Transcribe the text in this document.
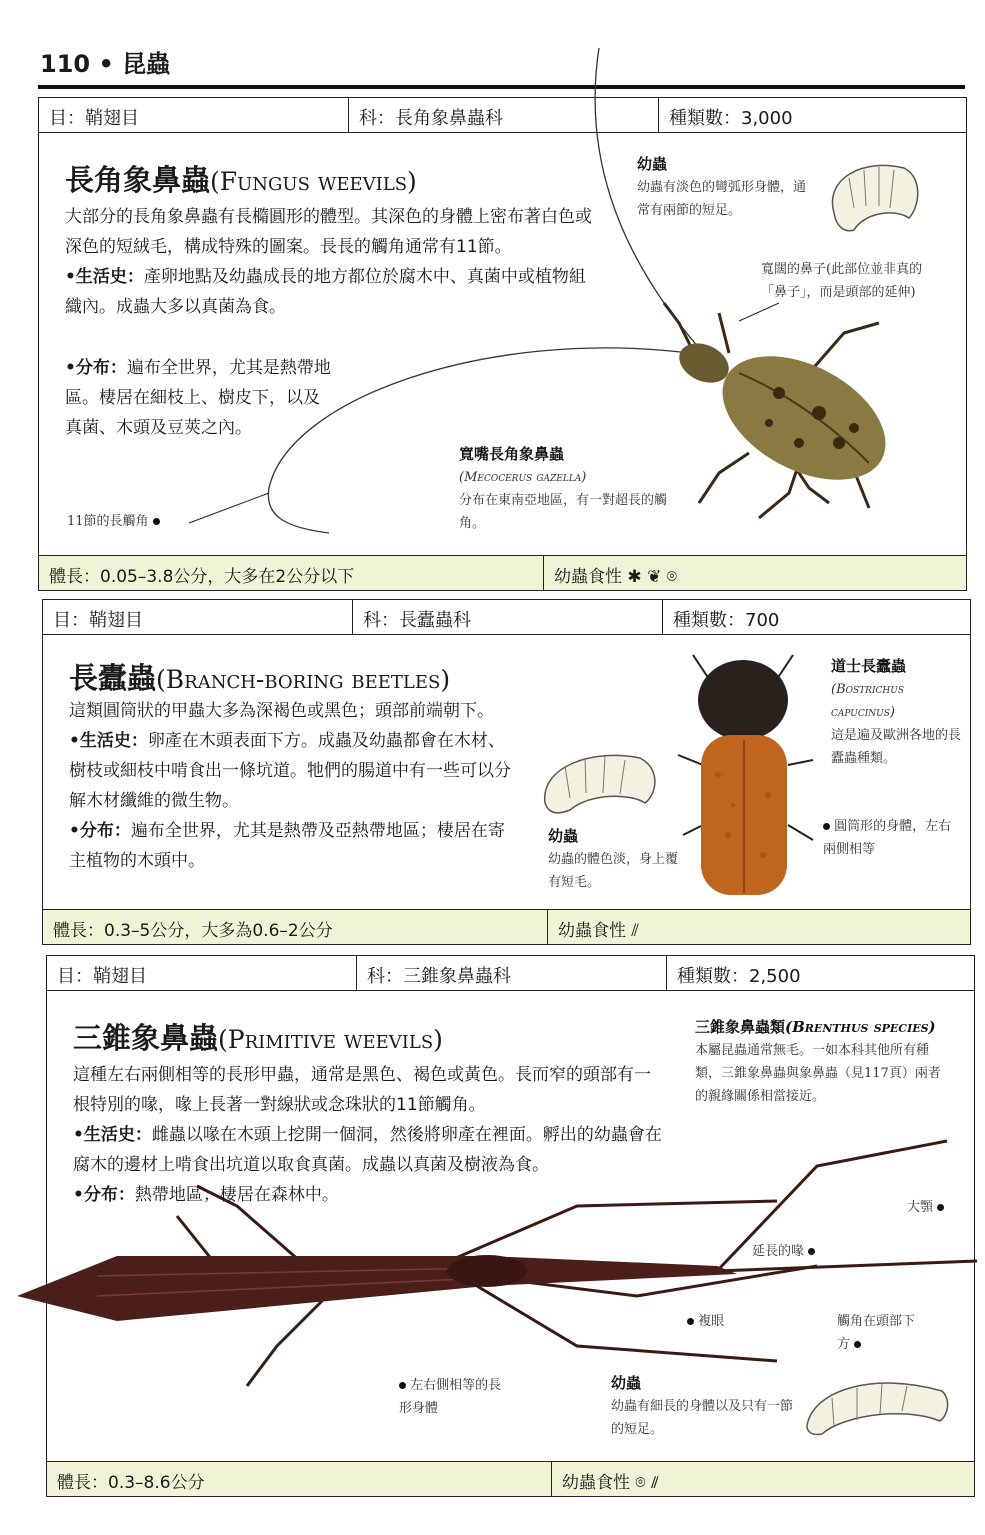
110 • 昆蟲
目：鞘翅目	科：長角象鼻蟲科	種類數：3,000
長角象鼻蟲(Fungus weevils)

大部分的長角象鼻蟲有長橢圓形的體型。其深色的身體上密布著白色或深色的短絨毛，構成特殊的圖案。長長的觸角通常有11節。

•生活史：產卵地點及幼蟲成長的地方都位於腐木中、真菌中或植物組織內。成蟲大多以真菌為食。

•分布：遍布全世界，尤其是熱帶地區。棲居在細枝上、樹皮下，以及真菌、木頭及豆莢之內。

幼蟲
幼蟲有淡色的彎弧形身體，通常有兩節的短足。
寬闊的鼻子(此部位並非真的「鼻子」，而是頭部的延伸)
寬嘴長角象鼻蟲
(Mecocerus gazella)
分布在東南亞地區，有一對超長的觸角。
11節的長觸角
體長：0.05–3.8公分，大多在2公分以下	幼蟲食性 ✱ ❦ ⌾
目：鞘翅目	科：長蠹蟲科	種類數：700
長蠹蟲(Branch-boring beetles)

這類圓筒狀的甲蟲大多為深褐色或黑色；頭部前端朝下。

•生活史：卵產在木頭表面下方。成蟲及幼蟲都會在木材、樹枝或細枝中啃食出一條坑道。牠們的腸道中有一些可以分解木材纖維的微生物。

•分布：遍布全世界，尤其是熱帶及亞熱帶地區；棲居在寄主植物的木頭中。

道士長蠹蟲
(Bostrichus capucinus)
這是遍及歐洲各地的長蠹蟲種類。
圓筒形的身體，左右兩側相等
幼蟲
幼蟲的體色淡，身上覆有短毛。
體長：0.3–5公分，大多為0.6–2公分	幼蟲食性 ⫽
目：鞘翅目	科：三錐象鼻蟲科	種類數：2,500
三錐象鼻蟲(Primitive weevils)

這種左右兩側相等的長形甲蟲，通常是黑色、褐色或黃色。長而窄的頭部有一根特別的喙，喙上長著一對線狀或念珠狀的11節觸角。

•生活史：雌蟲以喙在木頭上挖開一個洞，然後將卵產在裡面。孵出的幼蟲會在腐木的邊材上啃食出坑道以取食真菌。成蟲以真菌及樹液為食。

•分布：熱帶地區；棲居在森林中。

三錐象鼻蟲類(Brenthus species)
本屬昆蟲通常無毛。一如本科其他所有種類，三錐象鼻蟲與象鼻蟲（見117頁）兩者的親緣關係相當接近。
大顎
延長的喙
複眼	觸角在頭部下方
左右側相等的長形身體
幼蟲
幼蟲有細長的身體以及只有一節的短足。
體長：0.3–8.6公分	幼蟲食性 ⌾ ⫽
